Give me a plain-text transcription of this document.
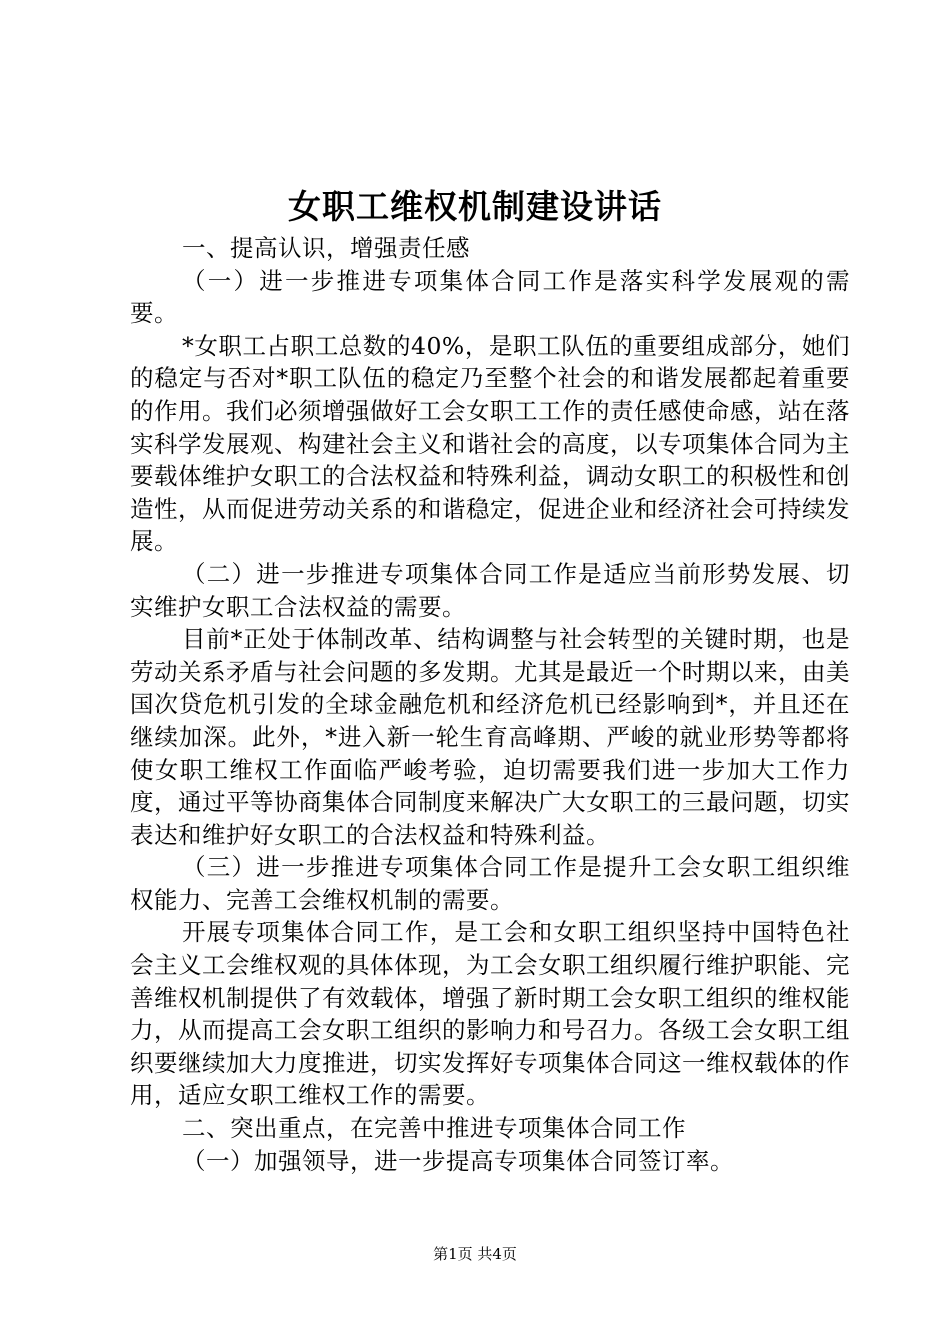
女职工维权机制建设讲话

一、提高认识，增强责任感

（一）进一步推进专项集体合同工作是落实科学发展观的需要。

*女职工占职工总数的40%，是职工队伍的重要组成部分，她们的稳定与否对*职工队伍的稳定乃至整个社会的和谐发展都起着重要的作用。我们必须增强做好工会女职工工作的责任感使命感，站在落实科学发展观、构建社会主义和谐社会的高度，以专项集体合同为主要载体维护女职工的合法权益和特殊利益，调动女职工的积极性和创造性，从而促进劳动关系的和谐稳定，促进企业和经济社会可持续发展。

（二）进一步推进专项集体合同工作是适应当前形势发展、切实维护女职工合法权益的需要。

目前*正处于体制改革、结构调整与社会转型的关键时期，也是劳动关系矛盾与社会问题的多发期。尤其是最近一个时期以来，由美国次贷危机引发的全球金融危机和经济危机已经影响到*，并且还在继续加深。此外，*进入新一轮生育高峰期、严峻的就业形势等都将使女职工维权工作面临严峻考验，迫切需要我们进一步加大工作力度，通过平等协商集体合同制度来解决广大女职工的三最问题，切实表达和维护好女职工的合法权益和特殊利益。

（三）进一步推进专项集体合同工作是提升工会女职工组织维权能力、完善工会维权机制的需要。

开展专项集体合同工作，是工会和女职工组织坚持中国特色社会主义工会维权观的具体体现，为工会女职工组织履行维护职能、完善维权机制提供了有效载体，增强了新时期工会女职工组织的维权能力，从而提高工会女职工组织的影响力和号召力。各级工会女职工组织要继续加大力度推进，切实发挥好专项集体合同这一维权载体的作用，适应女职工维权工作的需要。

二、突出重点，在完善中推进专项集体合同工作

（一）加强领导，进一步提高专项集体合同签订率。

第1页 共4页
